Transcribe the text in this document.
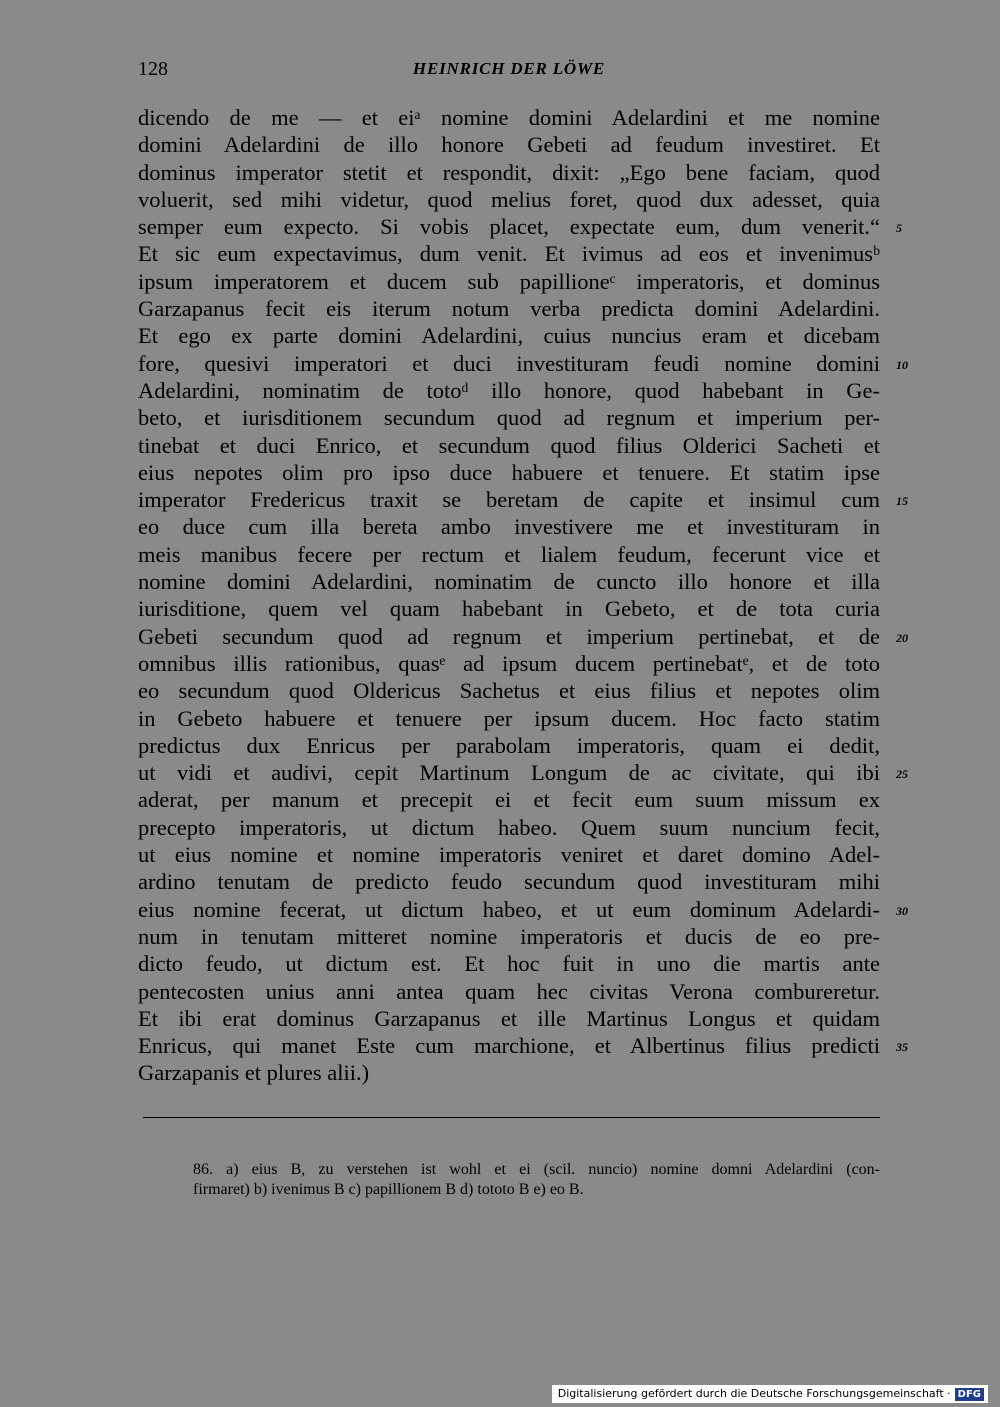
128	HEINRICH DER LÖWE
dicendo de me — et eiᵃ nomine domini Adelardini et me nomine
domini Adelardini de illo honore Gebeti ad feudum investiret. Et
dominus imperator stetit et respondit, dixit: „Ego bene faciam, quod
voluerit, sed mihi videtur, quod melius foret, quod dux adesset, quia
semper eum expecto. Si vobis placet, expectate eum, dum venerit.“ 5
Et sic eum expectavimus, dum venit. Et ivimus ad eos et invenimusᵇ
ipsum imperatorem et ducem sub papillioneᶜ imperatoris, et dominus
Garzapanus fecit eis iterum notum verba predicta domini Adelardini.
Et ego ex parte domini Adelardini, cuius nuncius eram et dicebam
fore, quesivi imperatori et duci investituram feudi nomine domini 10
Adelardini, nominatim de totoᵈ illo honore, quod habebant in Ge-
beto, et iurisditionem secundum quod ad regnum et imperium per-
tinebat et duci Enrico, et secundum quod filius Olderici Sacheti et
eius nepotes olim pro ipso duce habuere et tenuere. Et statim ipse
imperator Fredericus traxit se beretam de capite et insimul cum 15
eo duce cum illa bereta ambo investivere me et investituram in
meis manibus fecere per rectum et lialem feudum, fecerunt vice et
nomine domini Adelardini, nominatim de cuncto illo honore et illa
iurisditione, quem vel quam habebant in Gebeto, et de tota curia
Gebeti secundum quod ad regnum et imperium pertinebat, et de 20
omnibus illis rationibus, quasᵉ ad ipsum ducem pertinebatᵉ, et de toto
eo secundum quod Oldericus Sachetus et eius filius et nepotes olim
in Gebeto habuere et tenuere per ipsum ducem. Hoc facto statim
predictus dux Enricus per parabolam imperatoris, quam ei dedit,
ut vidi et audivi, cepit Martinum Longum de ac civitate, qui ibi 25
aderat, per manum et precepit ei et fecit eum suum missum ex
precepto imperatoris, ut dictum habeo. Quem suum nuncium fecit,
ut eius nomine et nomine imperatoris veniret et daret domino Adel-
ardino tenutam de predicto feudo secundum quod investituram mihi
eius nomine fecerat, ut dictum habeo, et ut eum dominum Adelardi- 30
num in tenutam mitteret nomine imperatoris et ducis de eo pre-
dicto feudo, ut dictum est. Et hoc fuit in uno die martis ante
pentecosten unius anni antea quam hec civitas Verona combureretur.
Et ibi erat dominus Garzapanus et ille Martinus Longus et quidam
Enricus, qui manet Este cum marchione, et Albertinus filius predicti 35
Garzapanis et plures alii.)
86. a) eius B, zu verstehen ist wohl et ei (scil. nuncio) nomine domni Adelardini (con-
firmaret) b) ivenimus B c) papillionem B d) tototo B e) eo B.
Digitalisierung gefördert durch die Deutsche Forschungsgemeinschaft · DFG
